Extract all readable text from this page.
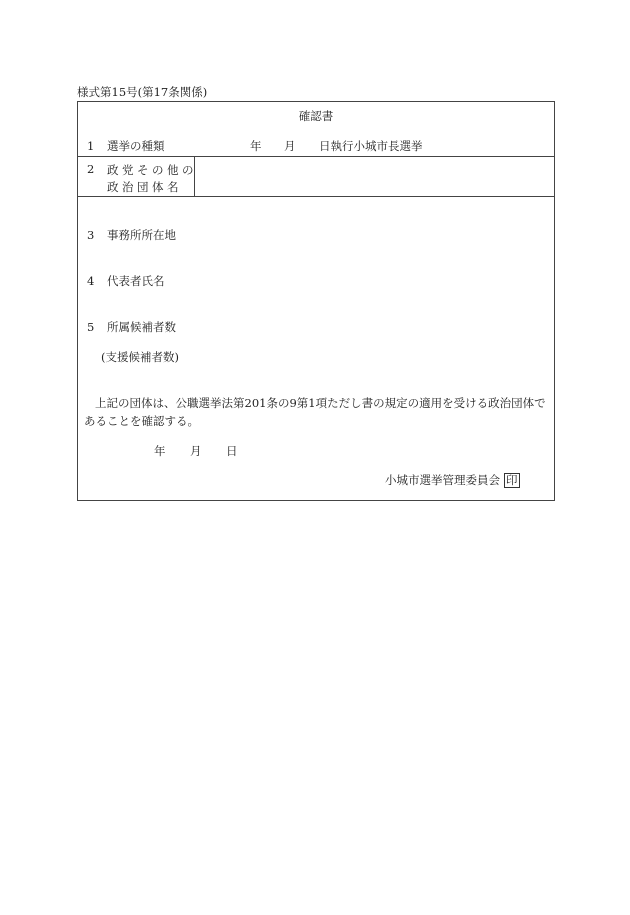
様式第15号(第17条関係)
確認書
1 選挙の種類	年 月 日執行小城市長選挙
2 政党その他の
政治団体名
3 事務所所在地
4 代表者氏名
5 所属候補者数
(支援候補者数)

上記の団体は、公職選挙法第201条の9第1項ただし書の規定の適用を受ける政治団体であることを確認する。

年 月 日
小城市選挙管理委員会 印
